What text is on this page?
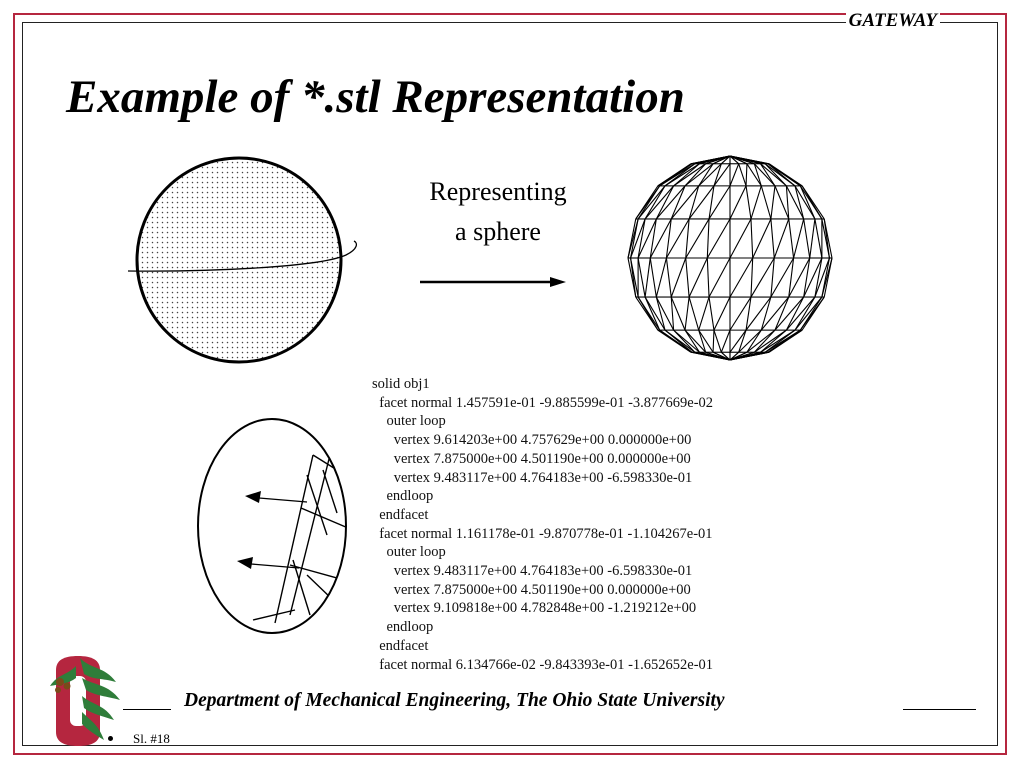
GATEWAY
Example of *.stl Representation
Representing
a sphere
solid obj1
facet normal 1.457591e-01 -9.885599e-01 -3.877669e-02
outer loop
vertex 9.614203e+00 4.757629e+00 0.000000e+00
vertex 7.875000e+00 4.501190e+00 0.000000e+00
vertex 9.483117e+00 4.764183e+00 -6.598330e-01
endloop
endfacet
facet normal 1.161178e-01 -9.870778e-01 -1.104267e-01
outer loop
vertex 9.483117e+00 4.764183e+00 -6.598330e-01
vertex 7.875000e+00 4.501190e+00 0.000000e+00
vertex 9.109818e+00 4.782848e+00 -1.219212e+00
endloop
endfacet
facet normal 6.134766e-02 -9.843393e-01 -1.652652e-01
Department of Mechanical Engineering, The Ohio State University
Sl. #18
